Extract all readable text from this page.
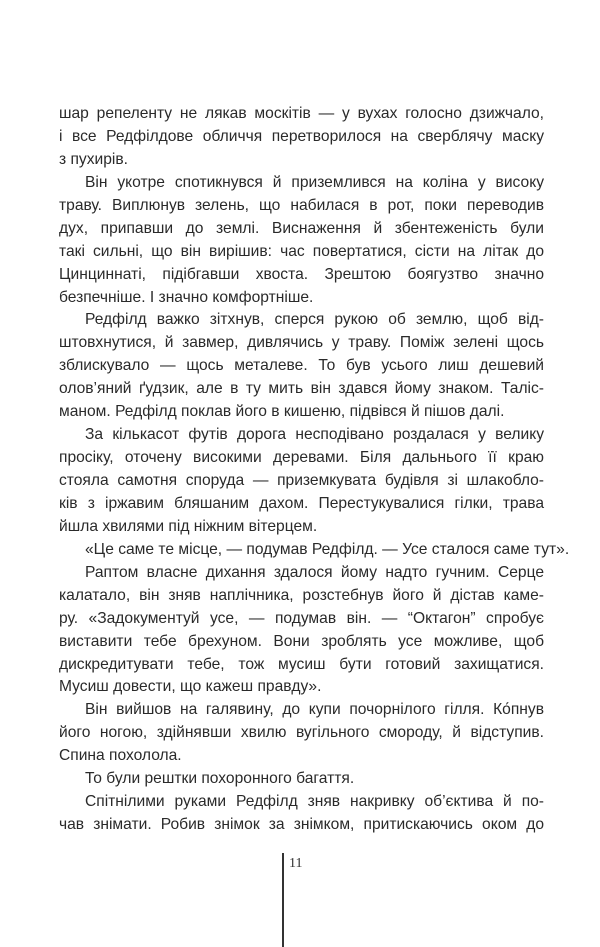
шар репеленту не лякав москітів — у вухах голосно дзижчало,
і все Редфілдове обличчя перетворилося на сверблячу маску
з пухирів.
Він укотре спотикнувся й приземлився на коліна у високу
траву. Виплюнув зелень, що набилася в рот, поки переводив
дух, припавши до землі. Виснаження й збентеженість були
такі сильні, що він вирішив: час повертатися, сісти на літак до
Цинциннаті, підібгавши хвоста. Зрештою боягузтво значно
безпечніше. І значно комфортніше.
Редфілд важко зітхнув, сперся рукою об землю, щоб від-
штовхнутися, й завмер, дивлячись у траву. Поміж зелені щось
зблискувало — щось металеве. То був усього лиш дешевий
олов’яний ґудзик, але в ту мить він здався йому знаком. Таліс-
маном. Редфілд поклав його в кишеню, підвівся й пішов далі.
За кількасот футів дорога несподівано роздалася у велику
просіку, оточену високими деревами. Біля дальнього її краю
стояла самотня споруда — приземкувата будівля зі шлакобло-
ків з іржавим бляшаним дахом. Перестукувалися гілки, трава
йшла хвилями під ніжним вітерцем.
«Це саме те місце, — подумав Редфілд. — Усе сталося саме тут».
Раптом власне дихання здалося йому надто гучним. Серце
калатало, він зняв наплічника, розстебнув його й дістав каме-
ру. «Задокументуй усе, — подумав він. — “Октагон” спробує
виставити тебе брехуном. Вони зроблять усе можливе, щоб
дискредитувати тебе, тож мусиш бути готовий захищатися.
Мусиш довести, що кажеш правду».
Він вийшов на галявину, до купи почорнілого гілля. Ко́пнув
його ногою, здійнявши хвилю вугільного смороду, й відступив.
Спина похолола.
То були рештки похоронного багаття.
Спітнілими руками Редфілд зняв накривку об’єктива й по-
чав знімати. Робив знімок за знімком, притискаючись оком до
11
